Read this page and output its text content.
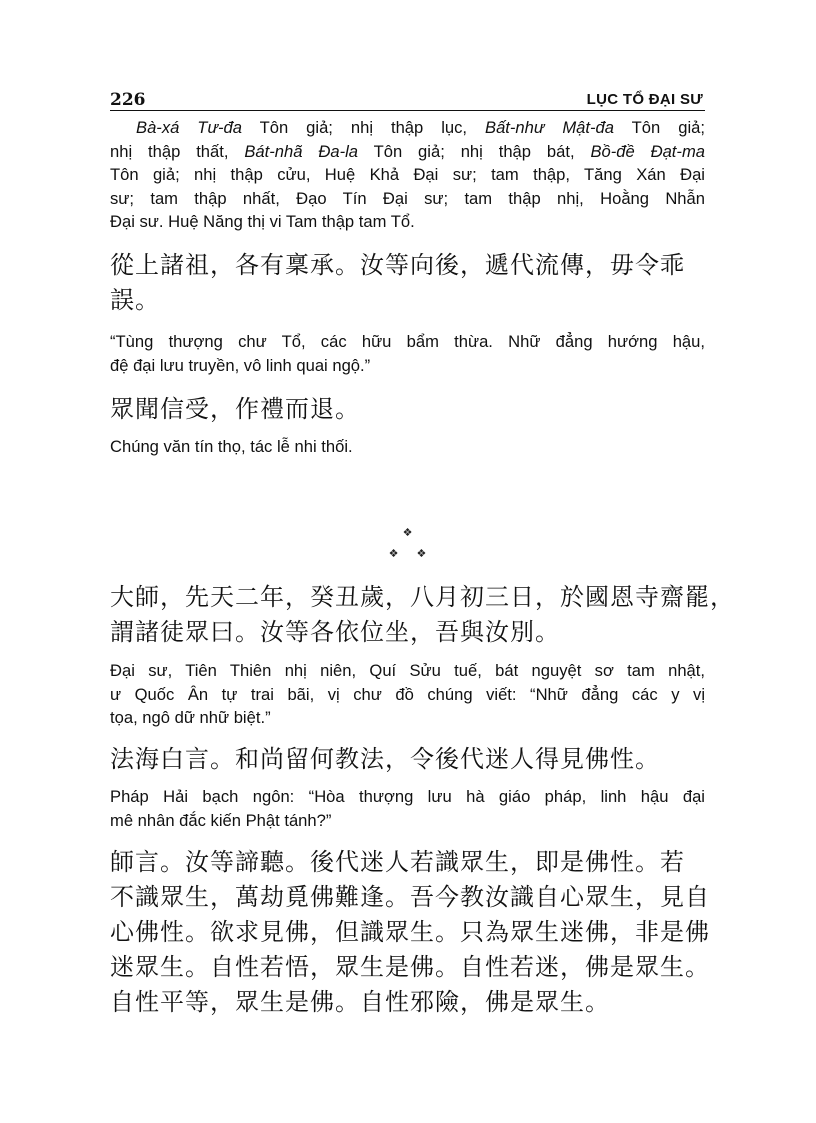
226	LỤC TỔ ĐẠI SƯ
Bà-xá Tư-đa Tôn giả; nhị thập lục, Bất-như Mật-đa Tôn giả;
nhị thập thất, Bát-nhã Đa-la Tôn giả; nhị thập bát, Bồ-đề Đạt-ma
Tôn giả; nhị thập cửu, Huệ Khả Đại sư; tam thập, Tăng Xán Đại
sư; tam thập nhất, Đạo Tín Đại sư; tam thập nhị, Hoằng Nhẫn
Đại sư. Huệ Năng thị vi Tam thập tam Tổ.
從上諸祖，各有稟承。汝等向後，遞代流傳，毋令乖
誤。
“Tùng thượng chư Tổ, các hữu bẩm thừa. Nhữ đẳng hướng hậu,
đệ đại lưu truyền, vô linh quai ngộ.”
眾聞信受，作禮而退。
Chúng văn tín thọ, tác lễ nhi thối.
❖
❖ ❖
大師，先天二年，癸丑歲，八月初三日，於國恩寺齋罷，
謂諸徒眾曰。汝等各依位坐，吾與汝別。
Đại sư, Tiên Thiên nhị niên, Quí Sửu tuế, bát nguyệt sơ tam nhật,
ư Quốc Ân tự trai bãi, vị chư đồ chúng viết: “Nhữ đẳng các y vị
tọa, ngô dữ nhữ biệt.”
法海白言。和尚留何教法，令後代迷人得見佛性。
Pháp Hải bạch ngôn: “Hòa thượng lưu hà giáo pháp, linh hậu đại
mê nhân đắc kiến Phật tánh?”
師言。汝等諦聽。後代迷人若識眾生，即是佛性。若
不識眾生，萬劫覓佛難逢。吾今教汝識自心眾生，見自
心佛性。欲求見佛，但識眾生。只為眾生迷佛，非是佛
迷眾生。自性若悟，眾生是佛。自性若迷，佛是眾生。
自性平等，眾生是佛。自性邪險，佛是眾生。
